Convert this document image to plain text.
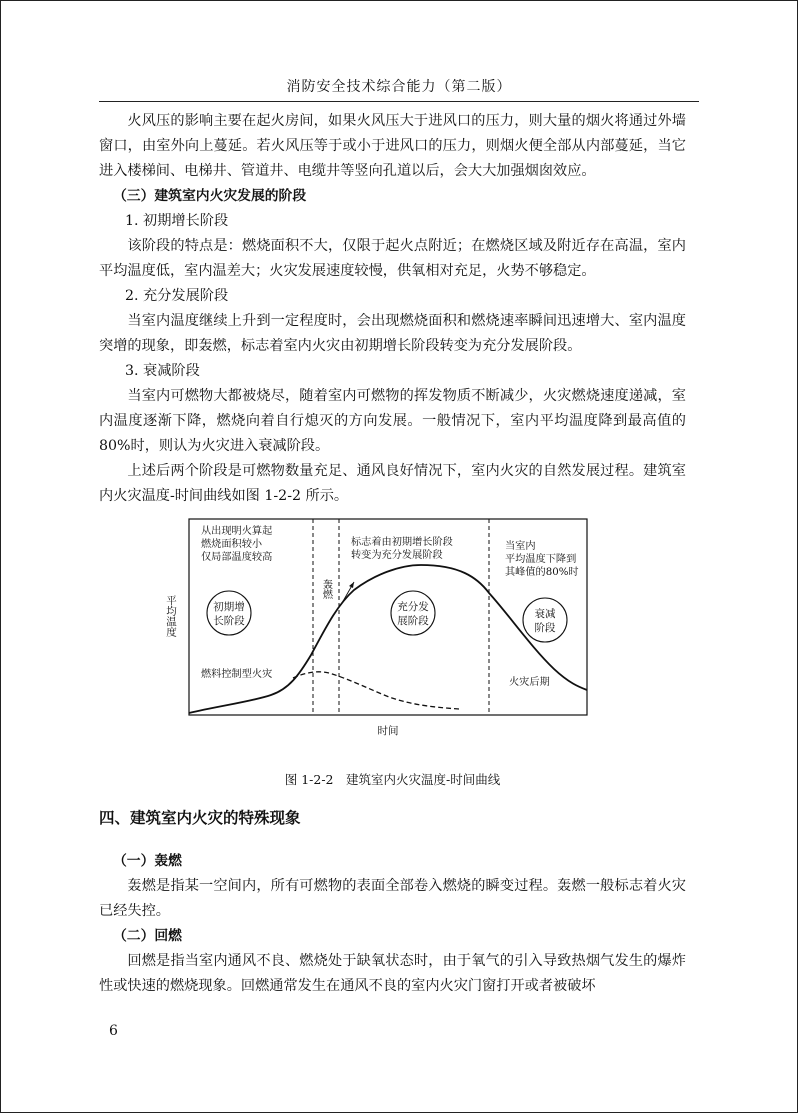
消防安全技术综合能力（第二版）

火风压的影响主要在起火房间，如果火风压大于进风口的压力，则大量的烟火将通过外墙窗口，由室外向上蔓延。若火风压等于或小于进风口的压力，则烟火便全部从内部蔓延，当它进入楼梯间、电梯井、管道井、电缆井等竖向孔道以后，会大大加强烟囱效应。

（三）建筑室内火灾发展的阶段

1. 初期增长阶段

该阶段的特点是：燃烧面积不大，仅限于起火点附近；在燃烧区域及附近存在高温，室内平均温度低，室内温差大；火灾发展速度较慢，供氧相对充足，火势不够稳定。

2. 充分发展阶段

当室内温度继续上升到一定程度时，会出现燃烧面积和燃烧速率瞬间迅速增大、室内温度突增的现象，即轰燃，标志着室内火灾由初期增长阶段转变为充分发展阶段。

3. 衰减阶段

当室内可燃物大都被烧尽，随着室内可燃物的挥发物质不断减少，火灾燃烧速度递减，室内温度逐渐下降，燃烧向着自行熄灭的方向发展。一般情况下，室内平均温度降到最高值的 80%时，则认为火灾进入衰减阶段。

上述后两个阶段是可燃物数量充足、通风良好情况下，室内火灾的自然发展过程。建筑室内火灾温度-时间曲线如图 1-2-2 所示。

从出现明火算起
燃烧面积较小
仅局部温度较高
标志着由初期增长阶段
转变为充分发展阶段
当室内
平均温度下降到
其峰值的80%时
轰燃
初期增
长阶段
充分发
展阶段
衰减
阶段
燃料控制型火灾
火灾后期
平均温度
时间
图 1-2-2　建筑室内火灾温度-时间曲线

四、建筑室内火灾的特殊现象

（一）轰燃

轰燃是指某一空间内，所有可燃物的表面全部卷入燃烧的瞬变过程。轰燃一般标志着火灾已经失控。

（二）回燃

回燃是指当室内通风不良、燃烧处于缺氧状态时，由于氧气的引入导致热烟气发生的爆炸性或快速的燃烧现象。回燃通常发生在通风不良的室内火灾门窗打开或者被破坏

6
